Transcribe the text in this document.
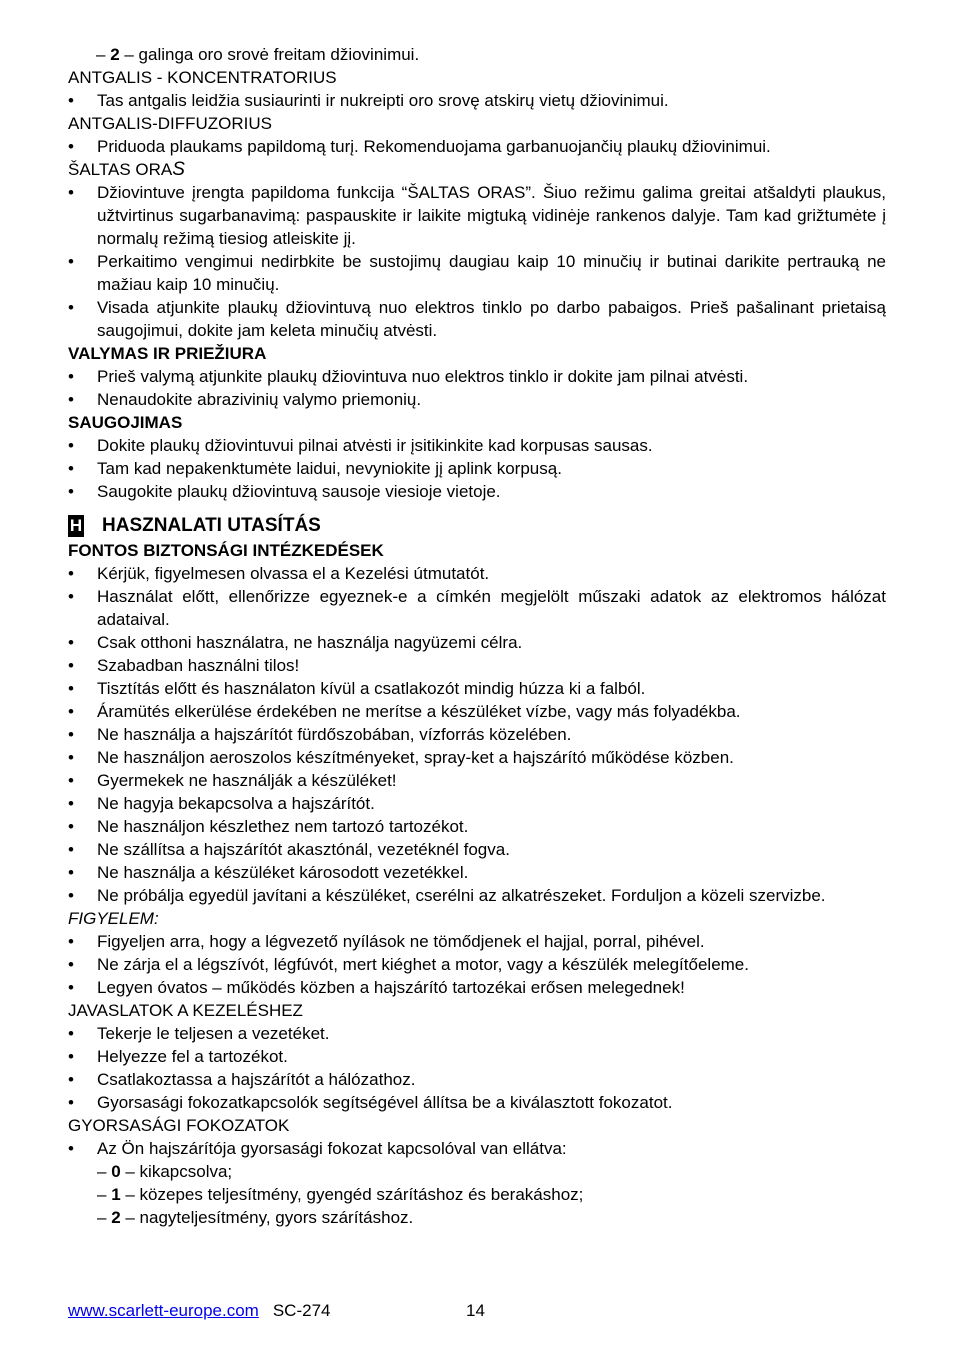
– 2 – galinga oro srovė freitam džiovinimui.
ANTGALIS - KONCENTRATORIUS
• Tas antgalis leidžia susiaurinti ir nukreipti oro srovę atskirų vietų džiovinimui.
ANTGALIS-DIFFUZORIUS
• Priduoda plaukams papildomą turį. Rekomenduojama garbanuojančių plaukų džiovinimui.
ŠALTAS ORAS
• Džiovintuve įrengta papildoma funkcija “ŠALTAS ORAS”. Šiuo režimu galima greitai atšaldyti plaukus, užtvirtinus sugarbanavimą: paspauskite ir laikite migtuką vidinėje rankenos dalyje. Tam kad grižtumėte į normalų režimą tiesiog atleiskite jį.
• Perkaitimo vengimui nedirbkite be sustojimų daugiau kaip 10 minučių ir butinai darikite pertrauką ne mažiau kaip 10 minučių.
• Visada atjunkite plaukų džiovintuvą nuo elektros tinklo po darbo pabaigos. Prieš pašalinant prietaisą saugojimui, dokite jam keleta minučių atvėsti.
VALYMAS IR PRIEŽIURA
• Prieš valymą atjunkite plaukų džiovintuva nuo elektros tinklo ir dokite jam pilnai atvėsti.
• Nenaudokite abrazivinių valymo priemonių.
SAUGOJIMAS
• Dokite plaukų džiovintuvui pilnai atvėsti ir įsitikinkite kad korpusas sausas.
• Tam kad nepakenktumėte laidui, nevyniokite jį aplink korpusą.
• Saugokite plaukų džiovintuvą sausoje viesioje vietoje.
H HASZNALATI UTASÍTÁS
FONTOS BIZTONSÁGI INTÉZKEDÉSEK
• Kérjük, figyelmesen olvassa el a Kezelési útmutatót.
• Használat előtt, ellenőrizze egyeznek-e a címkén megjelölt műszaki adatok az elektromos hálózat adataival.
• Csak otthoni használatra, ne használja nagyüzemi célra.
• Szabadban használni tilos!
• Tisztítás előtt és használaton kívül a csatlakozót mindig húzza ki a falból.
• Áramütés elkerülése érdekében ne merítse a készüléket vízbe, vagy más folyadékba.
• Ne használja a hajszárítót fürdőszobában, vízforrás közelében.
• Ne használjon aeroszolos készítményeket, spray-ket a hajszárító működése közben.
• Gyermekek ne használják a készüléket!
• Ne hagyja bekapcsolva a hajszárítót.
• Ne használjon készlethez nem tartozó tartozékot.
• Ne szállítsa a hajszárítót akasztónál, vezetéknél fogva.
• Ne használja a készüléket károsodott vezetékkel.
• Ne próbálja egyedül javítani a készüléket, cserélni az alkatrészeket. Forduljon a közeli szervizbe.
FIGYELEM:
• Figyeljen arra, hogy a légvezető nyílások ne tömődjenek el hajjal, porral, pihével.
• Ne zárja el a légszívót, légfúvót, mert kiéghet a motor, vagy a készülék melegítőeleme.
• Legyen óvatos – működés közben a hajszárító tartozékai erősen melegednek!
JAVASLATOK A KEZELÉSHEZ
• Tekerje le teljesen a vezetéket.
• Helyezze fel a tartozékot.
• Csatlakoztassa a hajszárítót a hálózathoz.
• Gyorsasági fokozatkapcsolók segítségével állítsa be a kiválasztott fokozatot.
GYORSASÁGI FOKOZATOK
• Az Ön hajszárítója gyorsasági fokozat kapcsolóval van ellátva:
– 0 – kikapcsolva;
– 1 – közepes teljesítmény, gyengéd szárításhoz és berakáshoz;
– 2 – nagyteljesítmény, gyors szárításhoz.
www.scarlett-europe.com SC-274	14
